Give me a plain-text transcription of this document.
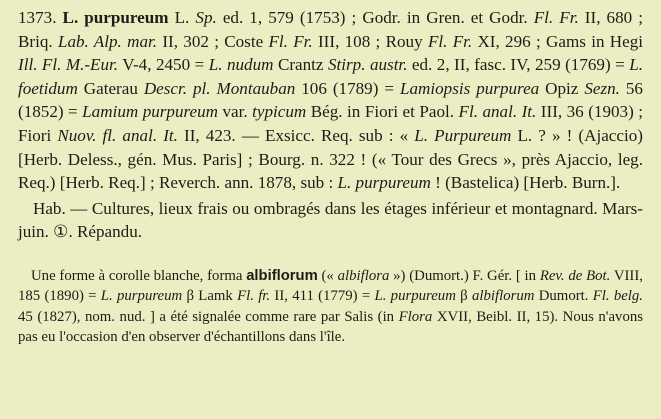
1373. L. purpureum L. Sp. ed. 1, 579 (1753) ; Godr. in Gren. et Godr. Fl. Fr. II, 680 ; Briq. Lab. Alp. mar. II, 302 ; Coste Fl. Fr. III, 108 ; Rouy Fl. Fr. XI, 296 ; Gams in Hegi Ill. Fl. M.-Eur. V-4, 2450 = L. nudum Crantz Stirp. austr. ed. 2, II, fasc. IV, 259 (1769) = L. foetidum Gaterau Descr. pl. Montauban 106 (1789) = Lamiopsis purpurea Opiz Sezn. 56 (1852) = Lamium purpureum var. typicum Bég. in Fiori et Paol. Fl. anal. It. III, 36 (1903) ; Fiori Nuov. fl. anal. It. II, 423. — Exsicc. Req. sub : « L. Purpureum L. ? » ! (Ajaccio) [Herb. Deless., gén. Mus. Paris] ; Bourg. n. 322 ! (« Tour des Grecs », près Ajaccio, leg. Req.) [Herb. Req.] ; Reverch. ann. 1878, sub : L. purpureum ! (Bastelica) [Herb. Burn.].

Hab. — Cultures, lieux frais ou ombragés dans les étages inférieur et montagnard. Mars-juin. ①. Répandu.

Une forme à corolle blanche, forma albiflorum (« albiflora ») (Dumort.) F. Gér. [ in Rev. de Bot. VIII, 185 (1890) = L. purpureum β Lamk Fl. fr. II, 411 (1779) = L. purpureum β albiflorum Dumort. Fl. belg. 45 (1827), nom. nud. ] a été signalée comme rare par Salis (in Flora XVII, Beibl. II, 15). Nous n'avons pas eu l'occasion d'en observer d'échantillons dans l'île.
